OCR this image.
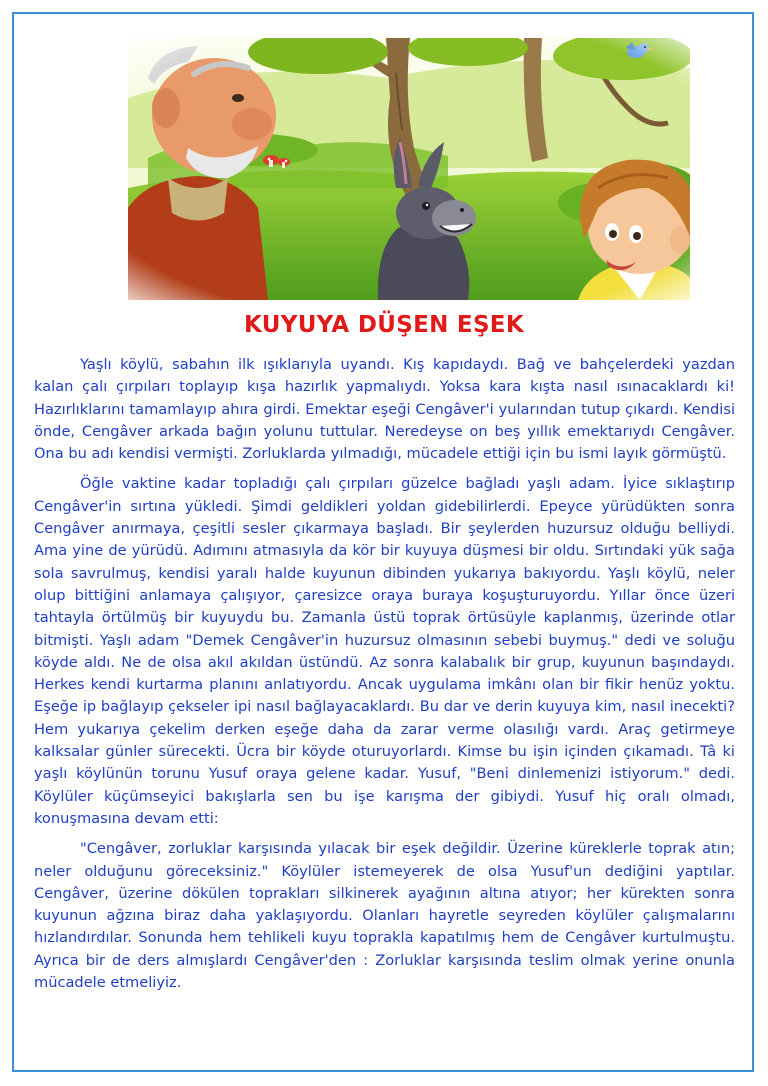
KUYUYA DÜŞEN EŞEK

Yaşlı köylü, sabahın ilk ışıklarıyla uyandı. Kış kapıdaydı. Bağ ve bahçelerdeki yazdan kalan çalı çırpıları toplayıp kışa hazırlık yapmalıydı. Yoksa kara kışta nasıl ısınacaklardı ki! Hazırlıklarını tamamlayıp ahıra girdi. Emektar eşeği Cengâver'i yularından tutup çıkardı. Kendisi önde, Cengâver arkada bağın yolunu tuttular. Neredeyse on beş yıllık emektarıydı Cengâver. Ona bu adı kendisi vermişti. Zorluklarda yılmadığı, mücadele ettiği için bu ismi layık görmüştü.

Öğle vaktine kadar topladığı çalı çırpıları güzelce bağladı yaşlı adam. İyice sıklaştırıp Cengâver'in sırtına yükledi. Şimdi geldikleri yoldan gidebilirlerdi. Epeyce yürüdükten sonra Cengâver anırmaya, çeşitli sesler çıkarmaya başladı. Bir şeylerden huzursuz olduğu belliydi. Ama yine de yürüdü. Adımını atmasıyla da kör bir kuyuya düşmesi bir oldu. Sırtındaki yük sağa sola savrulmuş, kendisi yaralı halde kuyunun dibinden yukarıya bakıyordu. Yaşlı köylü, neler olup bittiğini anlamaya çalışıyor, çaresizce oraya buraya koşuşturuyordu. Yıllar önce üzeri tahtayla örtülmüş bir kuyuydu bu. Zamanla üstü toprak örtüsüyle kaplanmış, üzerinde otlar bitmişti. Yaşlı adam "Demek Cengâver'in huzursuz olmasının sebebi buymuş." dedi ve soluğu köyde aldı. Ne de olsa akıl akıldan üstündü. Az sonra kalabalık bir grup, kuyunun başındaydı. Herkes kendi kurtarma planını anlatıyordu. Ancak uygulama imkânı olan bir fikir henüz yoktu. Eşeğe ip bağlayıp çekseler ipi nasıl bağlayacaklardı. Bu dar ve derin kuyuya kim, nasıl inecekti? Hem yukarıya çekelim derken eşeğe daha da zarar verme olasılığı vardı. Araç getirmeye kalksalar günler sürecekti. Ücra bir köyde oturuyorlardı. Kimse bu işin içinden çıkamadı. Tâ ki yaşlı köylünün torunu Yusuf oraya gelene kadar. Yusuf, "Beni dinlemenizi istiyorum." dedi. Köylüler küçümseyici bakışlarla sen bu işe karışma der gibiydi. Yusuf hiç oralı olmadı, konuşmasına devam etti:

"Cengâver, zorluklar karşısında yılacak bir eşek değildir. Üzerine küreklerle toprak atın; neler olduğunu göreceksiniz." Köylüler istemeyerek de olsa Yusuf'un dediğini yaptılar. Cengâver, üzerine dökülen toprakları silkinerek ayağının altına atıyor; her kürekten sonra kuyunun ağzına biraz daha yaklaşıyordu. Olanları hayretle seyreden köylüler çalışmalarını hızlandırdılar. Sonunda hem tehlikeli kuyu toprakla kapatılmış hem de Cengâver kurtulmuştu. Ayrıca bir de ders almışlardı Cengâver'den : Zorluklar karşısında teslim olmak yerine onunla mücadele etmeliyiz.
